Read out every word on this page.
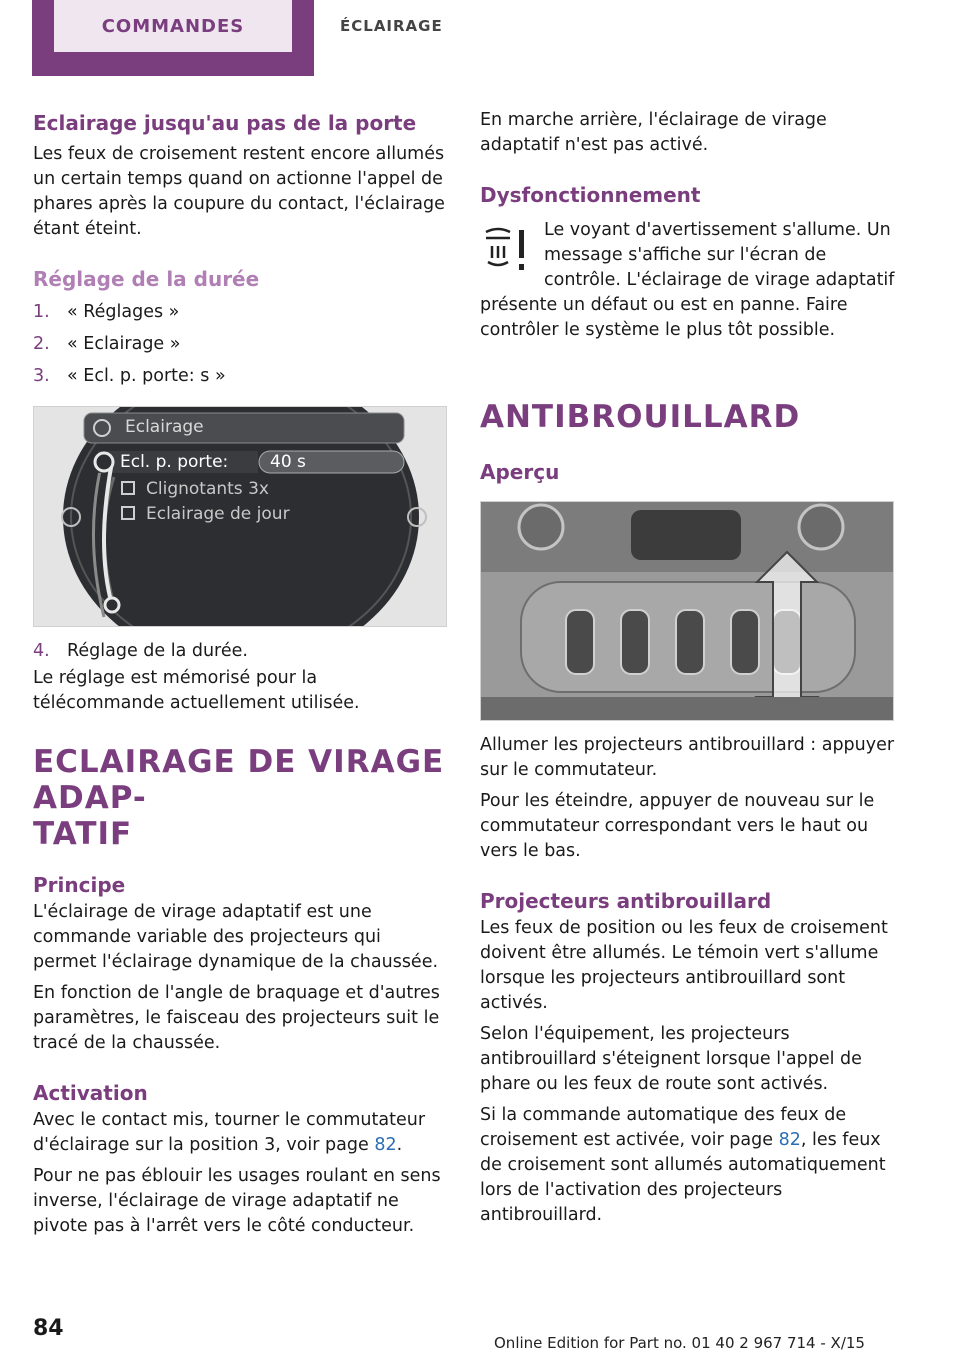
COMMANDES	ÉCLAIRAGE
Eclairage jusqu'au pas de la porte

Les feux de croisement restent encore allumés un certain temps quand on actionne l'appel de phares après la coupure du contact, l'éclairage étant éteint.

Réglage de la durée
1. « Réglages »
2. « Eclairage »
3. « Ecl. p. porte: s »
Eclairage
Ecl. p. porte: 40 s
Clignotants 3x
Eclairage de jour
4. Réglage de la durée.

Le réglage est mémorisé pour la télécommande actuellement utilisée.

ECLAIRAGE DE VIRAGE ADAP-
TATIF
Principe

L'éclairage de virage adaptatif est une commande variable des projecteurs qui permet l'éclairage dynamique de la chaussée.

En fonction de l'angle de braquage et d'autres paramètres, le faisceau des projecteurs suit le tracé de la chaussée.

Activation

Avec le contact mis, tourner le commutateur d'éclairage sur la position 3, voir page 82.

Pour ne pas éblouir les usages roulant en sens inverse, l'éclairage de virage adaptatif ne pivote pas à l'arrêt vers le côté conducteur.

En marche arrière, l'éclairage de virage adaptatif n'est pas activé.

Dysfonctionnement

Le voyant d'avertissement s'allume. Un message s'affiche sur l'écran de contrôle. L'éclairage de virage adaptatif présente un défaut ou est en panne. Faire contrôler le système le plus tôt possible.

ANTIBROUILLARD
Aperçu

Allumer les projecteurs antibrouillard : appuyer sur le commutateur.

Pour les éteindre, appuyer de nouveau sur le commutateur correspondant vers le haut ou vers le bas.

Projecteurs antibrouillard

Les feux de position ou les feux de croisement doivent être allumés. Le témoin vert s'allume lorsque les projecteurs antibrouillard sont activés.

Selon l'équipement, les projecteurs antibrouillard s'éteignent lorsque l'appel de phare ou les feux de route sont activés.

Si la commande automatique des feux de croisement est activée, voir page 82, les feux de croisement sont allumés automatiquement lors de l'activation des projecteurs antibrouillard.

84
Online Edition for Part no. 01 40 2 967 714 - X/15
